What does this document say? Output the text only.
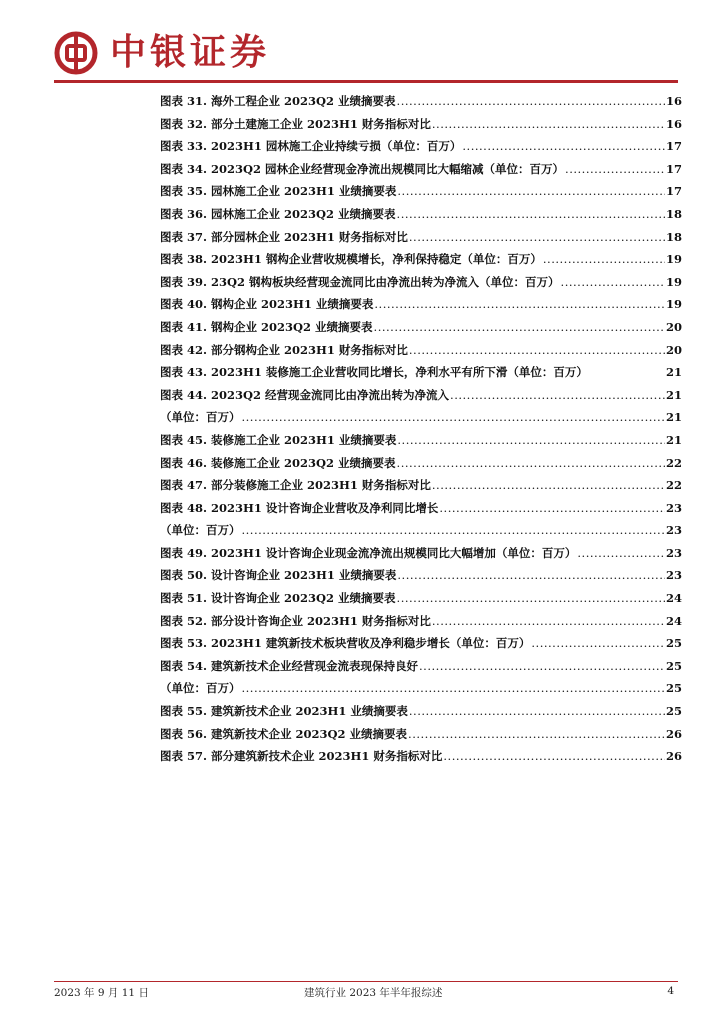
中银证券
图表 31. 海外工程企业 2023Q2 业绩摘要表 .....	16
图表 32. 部分土建施工企业 2023H1 财务指标对比 .....	16
图表 33. 2023H1 园林施工企业持续亏损（单位：百万） .....	17
图表 34. 2023Q2 园林企业经营现金净流出规模同比大幅缩减（单位：百万） .....	17
图表 35. 园林施工企业 2023H1 业绩摘要表 .....	17
图表 36. 园林施工企业 2023Q2 业绩摘要表 .....	18
图表 37. 部分园林企业 2023H1 财务指标对比 .....	18
图表 38. 2023H1 钢构企业营收规模增长，净利保持稳定（单位：百万） .....	19
图表 39. 23Q2 钢构板块经营现金流同比由净流出转为净流入（单位：百万） .....	19
图表 40. 钢构企业 2023H1 业绩摘要表 .....	19
图表 41. 钢构企业 2023Q2 业绩摘要表 .....	20
图表 42. 部分钢构企业 2023H1 财务指标对比 .....	20
图表 43. 2023H1 装修施工企业营收同比增长，净利水平有所下滑（单位：百万）	21
图表 44. 2023Q2 经营现金流同比由净流出转为净流入 .....	21
（单位：百万） .....	21
图表 45. 装修施工企业 2023H1 业绩摘要表 .....	21
图表 46. 装修施工企业 2023Q2 业绩摘要表 .....	22
图表 47. 部分装修施工企业 2023H1 财务指标对比 .....	22
图表 48. 2023H1 设计咨询企业营收及净利同比增长 .....	23
（单位：百万） .....	23
图表 49. 2023H1 设计咨询企业现金流净流出规模同比大幅增加（单位：百万） .....	23
图表 50. 设计咨询企业 2023H1 业绩摘要表 .....	23
图表 51. 设计咨询企业 2023Q2 业绩摘要表 .....	24
图表 52. 部分设计咨询企业 2023H1 财务指标对比 .....	24
图表 53. 2023H1 建筑新技术板块营收及净利稳步增长（单位：百万） .....	25
图表 54. 建筑新技术企业经营现金流表现保持良好 .....	25
（单位：百万） .....	25
图表 55. 建筑新技术企业 2023H1 业绩摘要表 .....	25
图表 56. 建筑新技术企业 2023Q2 业绩摘要表 .....	26
图表 57. 部分建筑新技术企业 2023H1 财务指标对比 .....	26
2023 年 9 月 11 日	建筑行业 2023 年半年报综述	4
